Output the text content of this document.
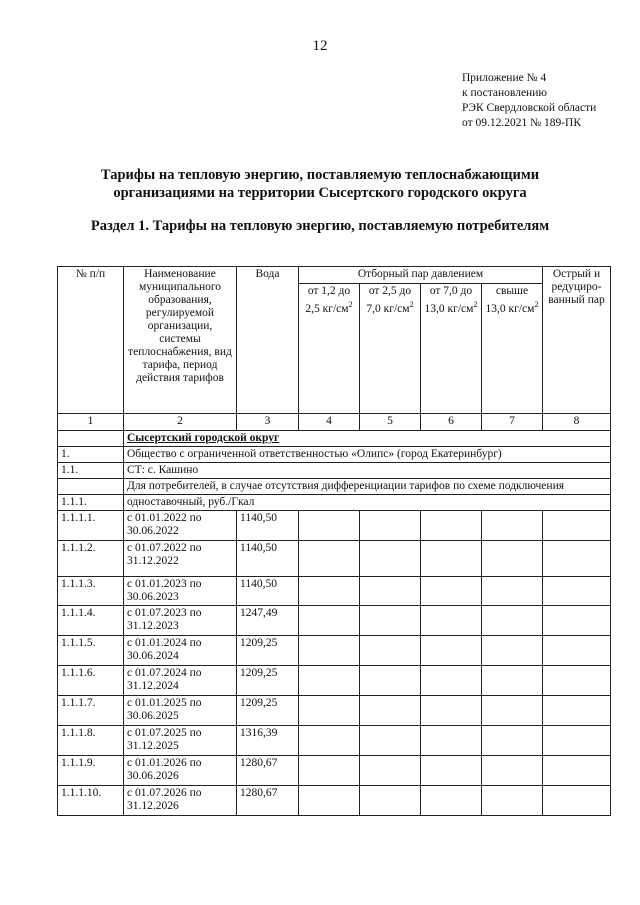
12
Приложение № 4
к постановлению
РЭК Свердловской области
от 09.12.2021 № 189-ПК
Тарифы на тепловую энергию, поставляемую теплоснабжающими
организациями на территории Сысертского городского округа
Раздел 1. Тарифы на тепловую энергию, поставляемую потребителям
№ п/п	Наименование муниципального образования, регулируемой организации, системы теплоснабжения, вид тарифа, период действия тарифов	Вода	Отборный пар давлением				Острый и редуциро-ванный пар
			от 1,2 до 2,5 $кг/см^2$	от 2,5 до 7,0 $кг/см^2$	от 7,0 до 13,0 $кг/см^2$	свыше 13,0 $кг/см^2$
1	2	3	4	5	6	7	8
	Сысертский городской округ						
1.	Общество с ограниченной ответственностью «Олипс» (город Екатеринбург)						
1.1.	СТ: с. Кашино						
	Для потребителей, в случае отсутствия дифференциации тарифов по схеме подключения						
1.1.1.	одноставочный, руб./Гкал						
1.1.1.1.	с 01.01.2022 по 30.06.2022	1140,50					
1.1.1.2.	с 01.07.2022 по 31.12.2022	1140,50					
1.1.1.3.	с 01.01.2023 по 30.06.2023	1140,50					
1.1.1.4.	с 01.07.2023 по 31.12.2023	1247,49					
1.1.1.5.	с 01.01.2024 по 30.06.2024	1209,25					
1.1.1.6.	с 01.07.2024 по 31.12.2024	1209,25					
1.1.1.7.	с 01.01.2025 по 30.06.2025	1209,25					
1.1.1.8.	с 01.07.2025 по 31.12.2025	1316,39					
1.1.1.9.	с 01.01.2026 по 30.06.2026	1280,67					
1.1.1.10.	с 01.07.2026 по 31.12.2026	1280,67					
